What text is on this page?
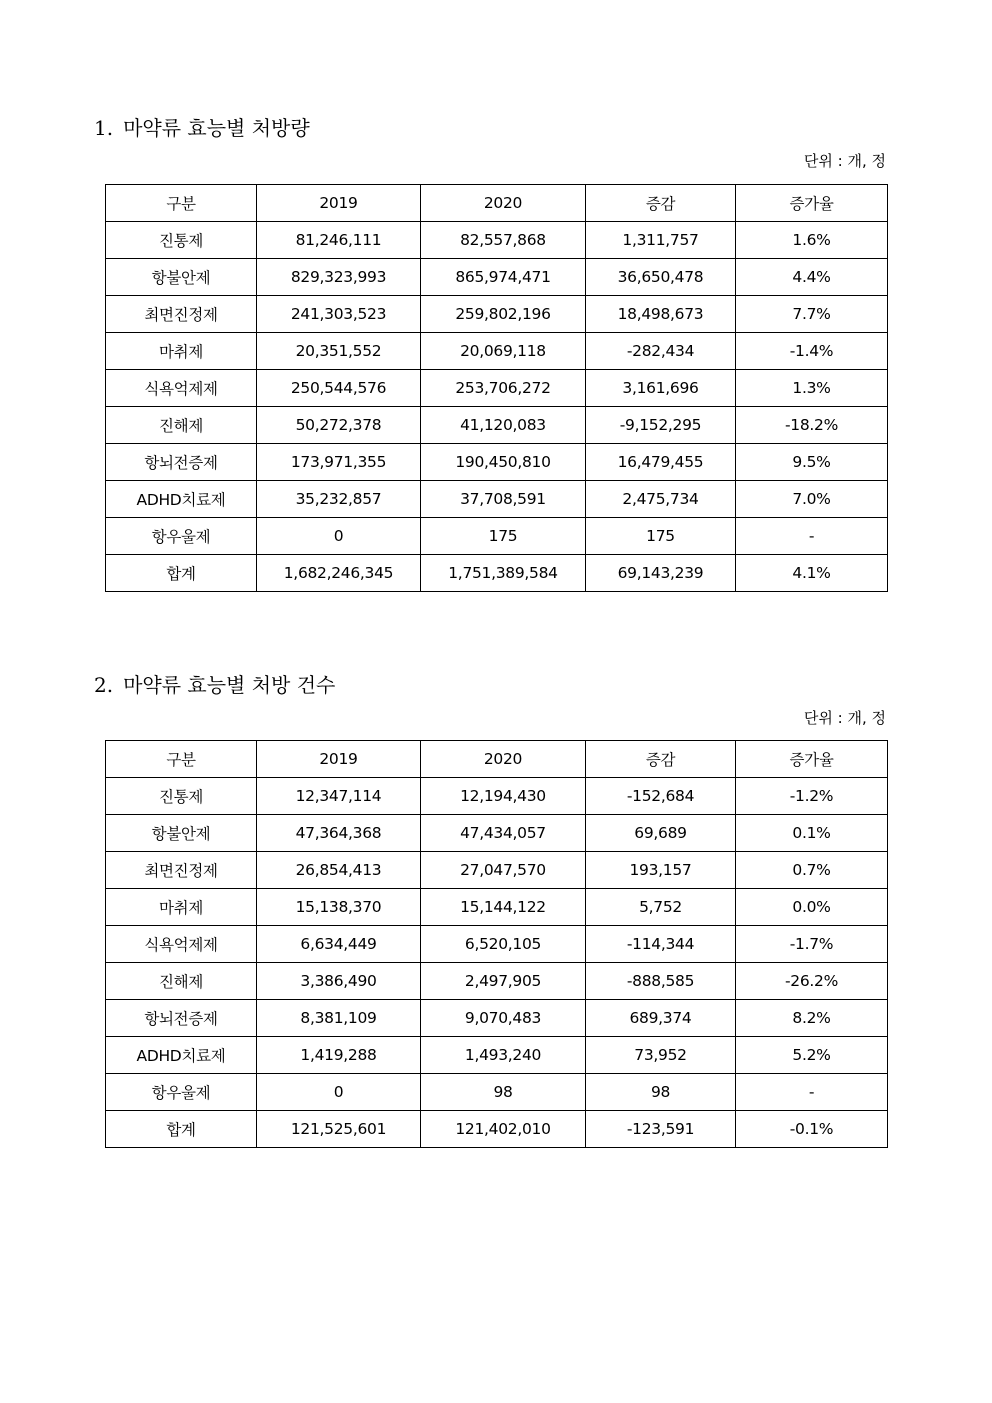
1. 마약류 효능별 처방량
단위 : 개, 정
구분	2019	2020	증감	증가율
진통제	81,246,111	82,557,868	1,311,757	1.6%
항불안제	829,323,993	865,974,471	36,650,478	4.4%
최면진정제	241,303,523	259,802,196	18,498,673	7.7%
마취제	20,351,552	20,069,118	-282,434	-1.4%
식욕억제제	250,544,576	253,706,272	3,161,696	1.3%
진해제	50,272,378	41,120,083	-9,152,295	-18.2%
항뇌전증제	173,971,355	190,450,810	16,479,455	9.5%
ADHD치료제	35,232,857	37,708,591	2,475,734	7.0%
항우울제	0	175	175	-
합계	1,682,246,345	1,751,389,584	69,143,239	4.1%
2. 마약류 효능별 처방 건수
단위 : 개, 정
구분	2019	2020	증감	증가율
진통제	12,347,114	12,194,430	-152,684	-1.2%
항불안제	47,364,368	47,434,057	69,689	0.1%
최면진정제	26,854,413	27,047,570	193,157	0.7%
마취제	15,138,370	15,144,122	5,752	0.0%
식욕억제제	6,634,449	6,520,105	-114,344	-1.7%
진해제	3,386,490	2,497,905	-888,585	-26.2%
항뇌전증제	8,381,109	9,070,483	689,374	8.2%
ADHD치료제	1,419,288	1,493,240	73,952	5.2%
항우울제	0	98	98	-
합계	121,525,601	121,402,010	-123,591	-0.1%
